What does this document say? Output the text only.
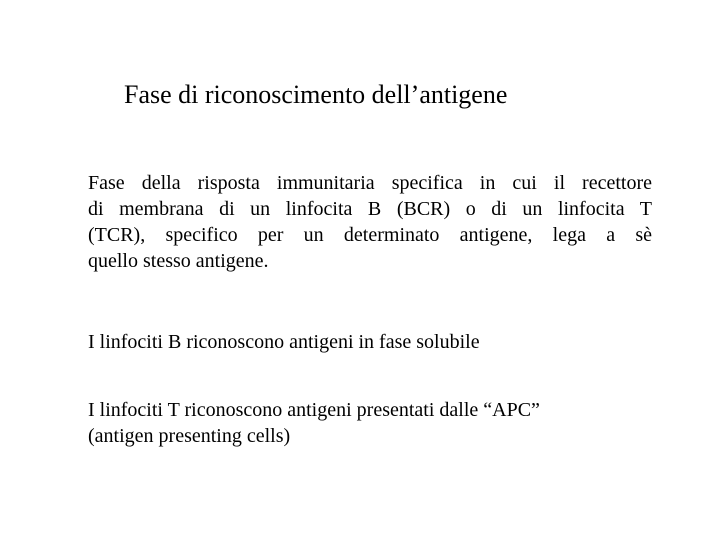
Fase di riconoscimento dell’antigene
Fase della risposta immunitaria specifica in cui il recettore
di membrana di un linfocita B (BCR) o di un linfocita T
(TCR), specifico per un determinato antigene, lega a sè
quello stesso antigene.
I linfociti B riconoscono antigeni in fase solubile
I linfociti T riconoscono antigeni presentati dalle “APC”
(antigen presenting cells)
